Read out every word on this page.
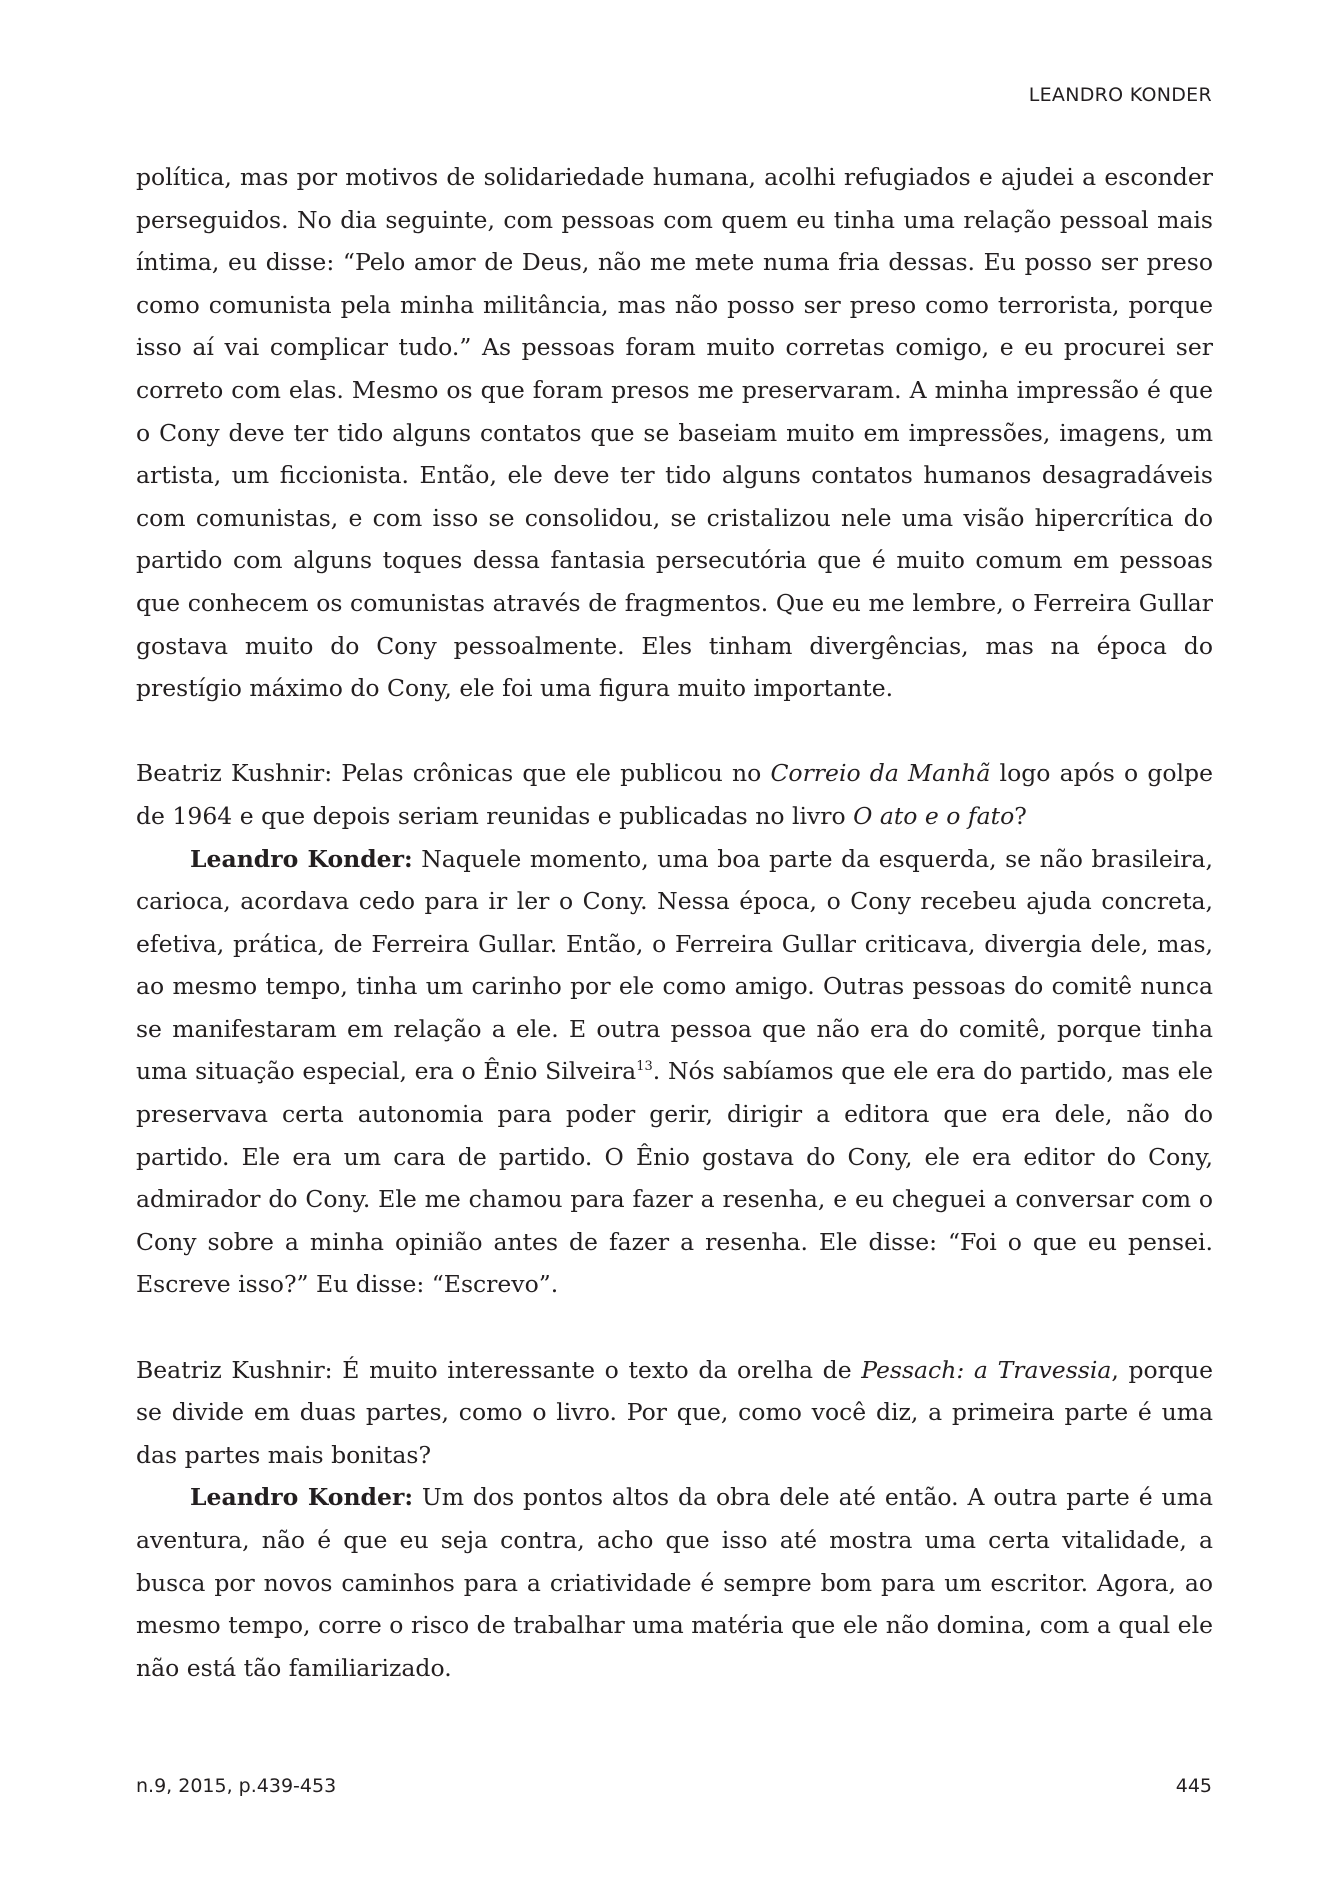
LEANDRO KONDER

política, mas por motivos de solidariedade humana, acolhi refugiados e ajudei a esconder perseguidos. No dia seguinte, com pessoas com quem eu tinha uma relação pessoal mais íntima, eu disse: “Pelo amor de Deus, não me mete numa fria dessas. Eu posso ser preso como comunista pela minha militância, mas não posso ser preso como terrorista, porque isso aí vai complicar tudo.” As pessoas foram muito corretas comigo, e eu procurei ser correto com elas. Mesmo os que foram presos me preservaram. A minha impressão é que o Cony deve ter tido alguns contatos que se baseiam muito em impressões, imagens, um artista, um ficcionista. Então, ele deve ter tido alguns contatos humanos desagradáveis com comunistas, e com isso se consolidou, se cristalizou nele uma visão hipercrítica do partido com alguns toques dessa fantasia persecutória que é muito comum em pessoas que conhecem os comunistas através de fragmentos. Que eu me lembre, o Ferreira Gullar gostava muito do Cony pessoalmente. Eles tinham divergências, mas na época do prestígio máximo do Cony, ele foi uma figura muito importante.

Beatriz Kushnir: Pelas crônicas que ele publicou no Correio da Manhã logo após o golpe de 1964 e que depois seriam reunidas e publicadas no livro O ato e o fato?

Leandro Konder: Naquele momento, uma boa parte da esquerda, se não brasileira, carioca, acordava cedo para ir ler o Cony. Nessa época, o Cony recebeu ajuda concreta, efetiva, prática, de Ferreira Gullar. Então, o Ferreira Gullar criticava, divergia dele, mas, ao mesmo tempo, tinha um carinho por ele como amigo. Outras pessoas do comitê nunca se manifestaram em relação a ele. E outra pessoa que não era do comitê, porque tinha uma situação especial, era o Ênio Silveira$^{13}$. Nós sabíamos que ele era do partido, mas ele preservava certa autonomia para poder gerir, dirigir a editora que era dele, não do partido. Ele era um cara de partido. O Ênio gostava do Cony, ele era editor do Cony, admirador do Cony. Ele me chamou para fazer a resenha, e eu cheguei a conversar com o Cony sobre a minha opinião antes de fazer a resenha. Ele disse: “Foi o que eu pensei. Escreve isso?” Eu disse: “Escrevo”.

Beatriz Kushnir: É muito interessante o texto da orelha de Pessach: a Travessia, porque se divide em duas partes, como o livro. Por que, como você diz, a primeira parte é uma das partes mais bonitas?

Leandro Konder: Um dos pontos altos da obra dele até então. A outra parte é uma aventura, não é que eu seja contra, acho que isso até mostra uma certa vitalidade, a busca por novos caminhos para a criatividade é sempre bom para um escritor. Agora, ao mesmo tempo, corre o risco de trabalhar uma matéria que ele não domina, com a qual ele não está tão familiarizado.

n.9, 2015, p.439-453	445
